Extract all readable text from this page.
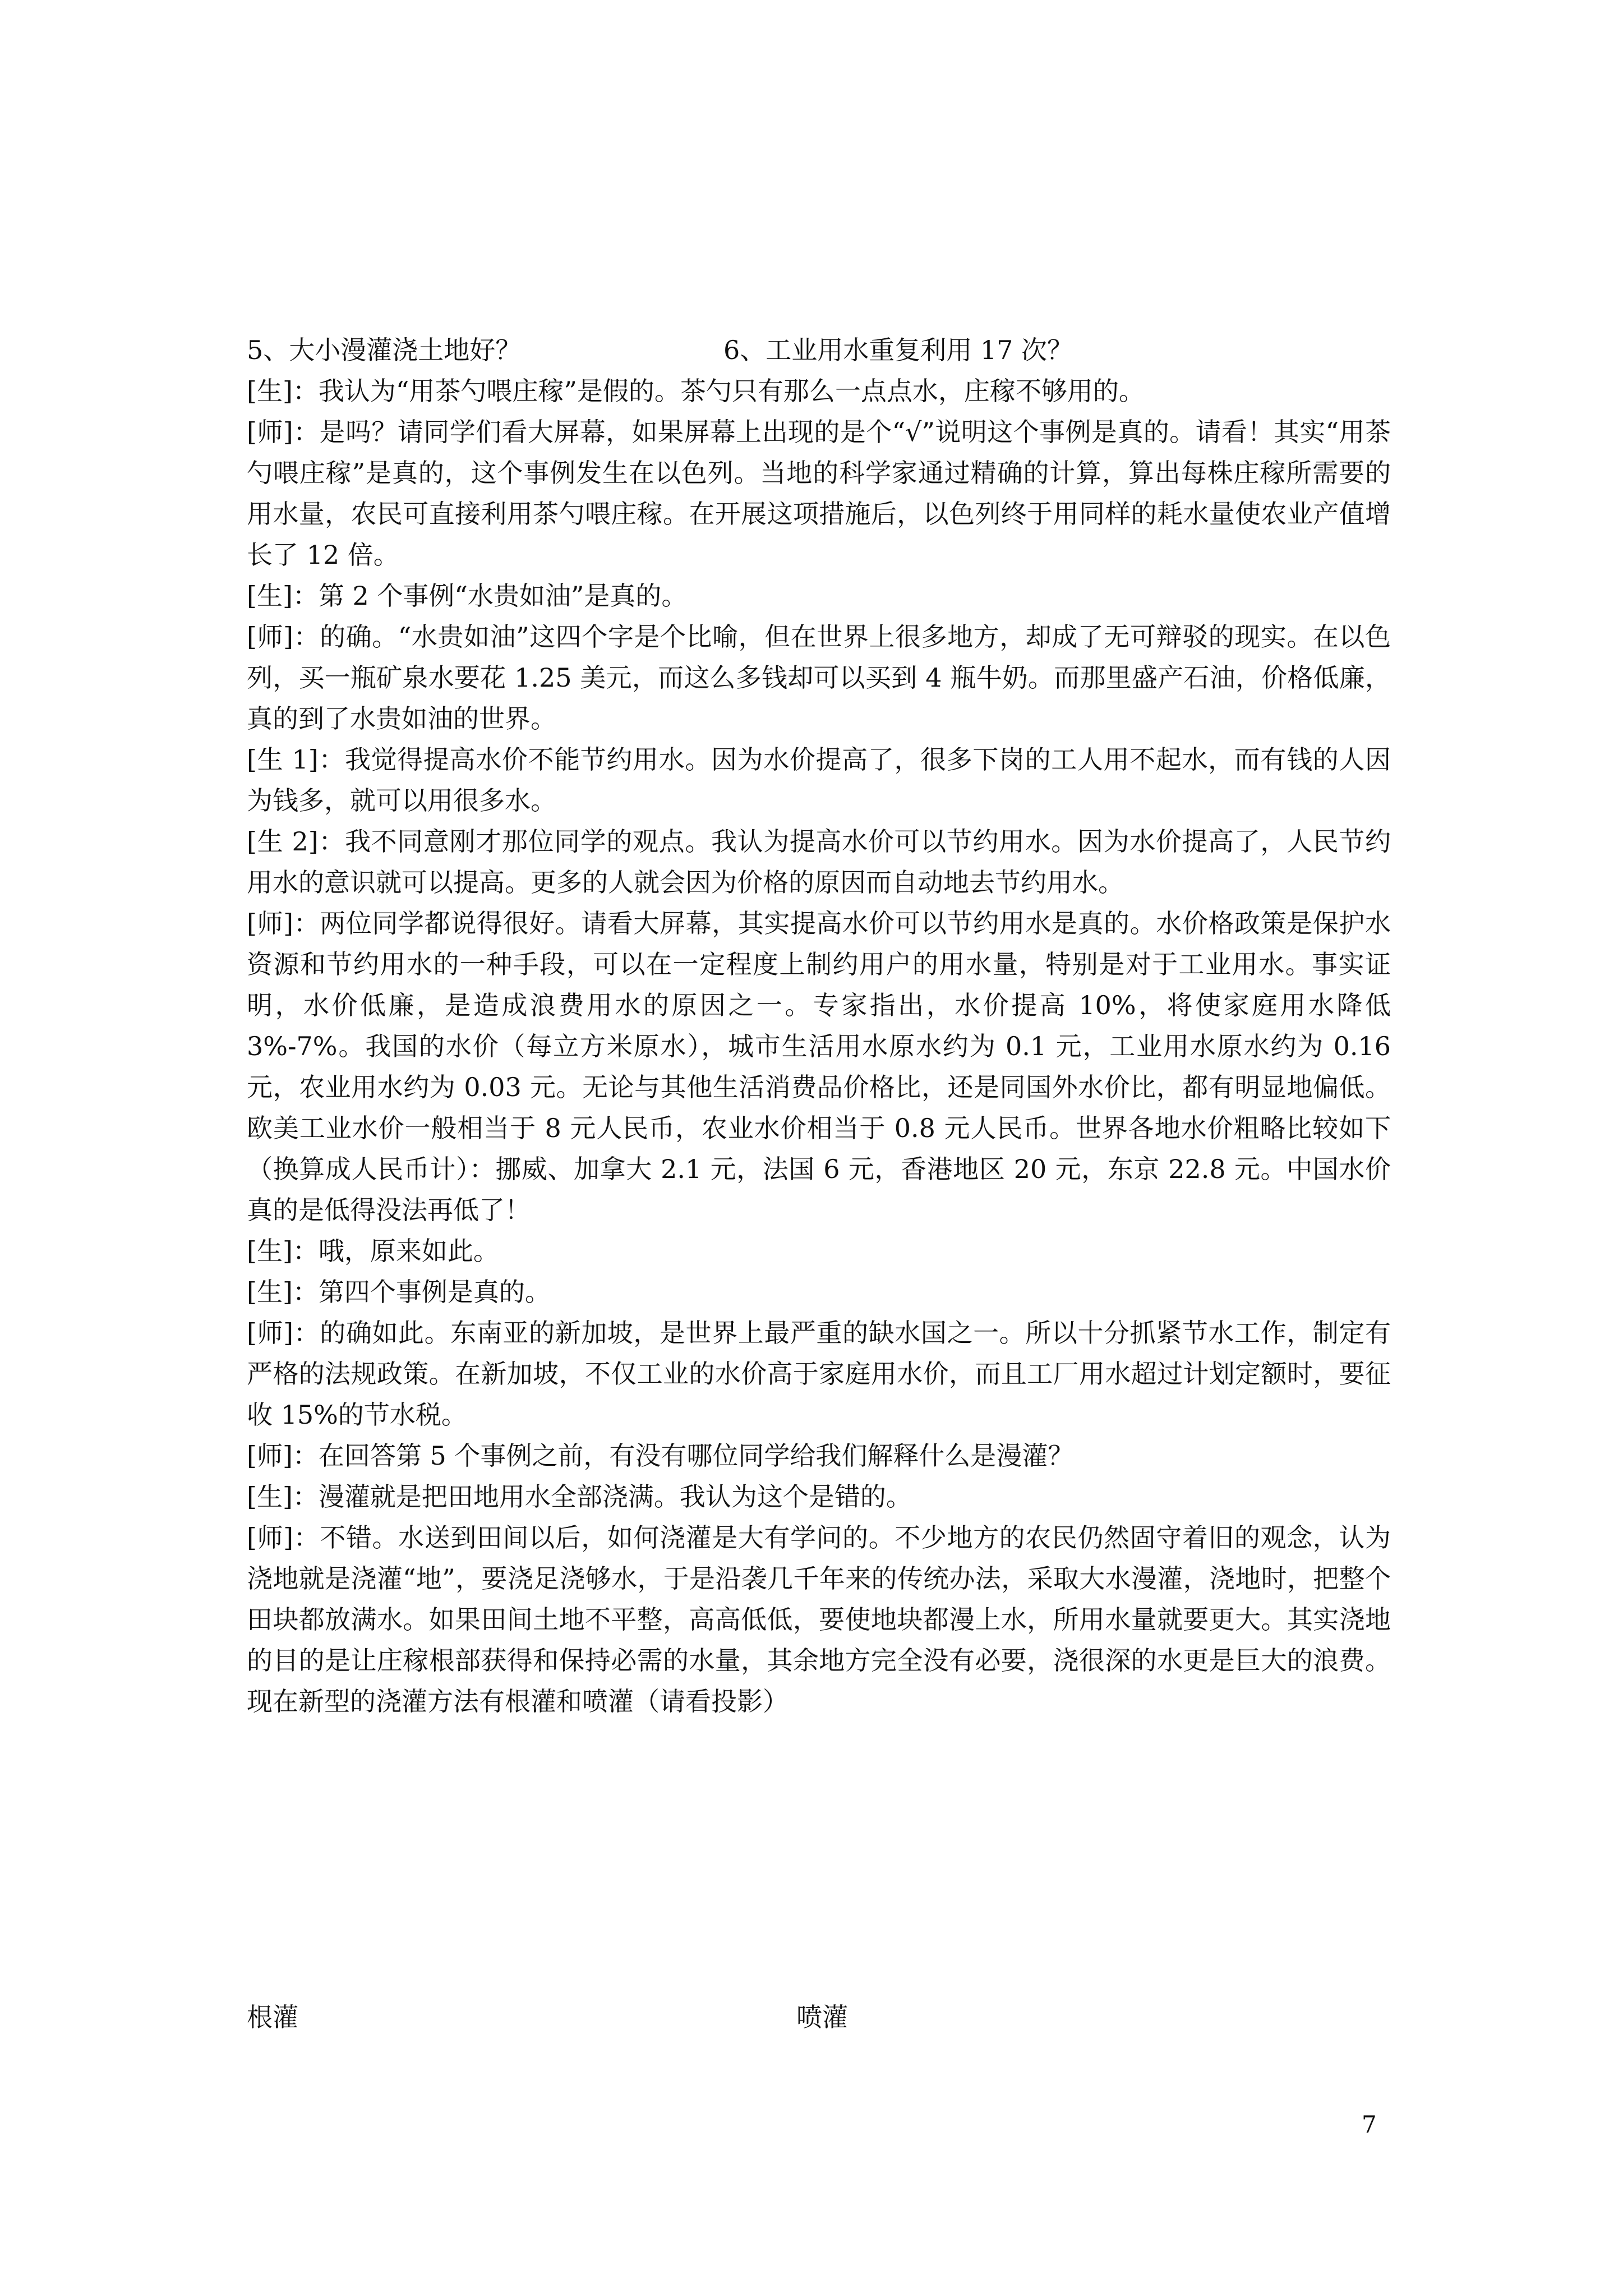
5、大小漫灌浇土地好？	6、工业用水重复利用 17 次？

[生]：我认为“用茶勺喂庄稼”是假的。茶勺只有那么一点点水，庄稼不够用的。

[师]：是吗？请同学们看大屏幕，如果屏幕上出现的是个“√”说明这个事例是真的。请看！其实“用茶勺喂庄稼”是真的，这个事例发生在以色列。当地的科学家通过精确的计算，算出每株庄稼所需要的用水量，农民可直接利用茶勺喂庄稼。在开展这项措施后，以色列终于用同样的耗水量使农业产值增长了 12 倍。

[生]：第 2 个事例“水贵如油”是真的。

[师]：的确。“水贵如油”这四个字是个比喻，但在世界上很多地方，却成了无可辩驳的现实。在以色列，买一瓶矿泉水要花 1.25 美元，而这么多钱却可以买到 4 瓶牛奶。而那里盛产石油，价格低廉，真的到了水贵如油的世界。

[生 1]：我觉得提高水价不能节约用水。因为水价提高了，很多下岗的工人用不起水，而有钱的人因为钱多，就可以用很多水。

[生 2]：我不同意刚才那位同学的观点。我认为提高水价可以节约用水。因为水价提高了，人民节约用水的意识就可以提高。更多的人就会因为价格的原因而自动地去节约用水。

[师]：两位同学都说得很好。请看大屏幕，其实提高水价可以节约用水是真的。水价格政策是保护水资源和节约用水的一种手段，可以在一定程度上制约用户的用水量，特别是对于工业用水。事实证明，水价低廉，是造成浪费用水的原因之一。专家指出，水价提高 10%，将使家庭用水降低 3%-7%。我国的水价（每立方米原水），城市生活用水原水约为 0.1 元，工业用水原水约为 0.16 元，农业用水约为 0.03 元。无论与其他生活消费品价格比，还是同国外水价比，都有明显地偏低。欧美工业水价一般相当于 8 元人民币，农业水价相当于 0.8 元人民币。世界各地水价粗略比较如下（换算成人民币计）：挪威、加拿大 2.1 元，法国 6 元，香港地区 20 元，东京 22.8 元。中国水价真的是低得没法再低了！

[生]：哦，原来如此。

[生]：第四个事例是真的。

[师]：的确如此。东南亚的新加坡，是世界上最严重的缺水国之一。所以十分抓紧节水工作，制定有严格的法规政策。在新加坡，不仅工业的水价高于家庭用水价，而且工厂用水超过计划定额时，要征收 15%的节水税。

[师]：在回答第 5 个事例之前，有没有哪位同学给我们解释什么是漫灌？

[生]：漫灌就是把田地用水全部浇满。我认为这个是错的。

[师]：不错。水送到田间以后，如何浇灌是大有学问的。不少地方的农民仍然固守着旧的观念，认为浇地就是浇灌“地”，要浇足浇够水，于是沿袭几千年来的传统办法，采取大水漫灌，浇地时，把整个田块都放满水。如果田间土地不平整，高高低低，要使地块都漫上水，所用水量就要更大。其实浇地的目的是让庄稼根部获得和保持必需的水量，其余地方完全没有必要，浇很深的水更是巨大的浪费。现在新型的浇灌方法有根灌和喷灌（请看投影）

根灌	喷灌
7
